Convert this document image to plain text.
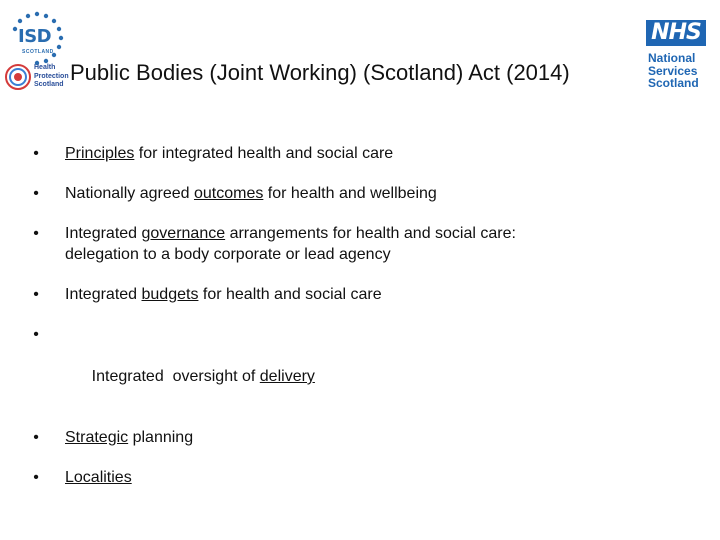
ISD
SCOTLAND
Health
Protection
Scotland
NHS
National
Services
Scotland
Public Bodies (Joint Working) (Scotland) Act (2014)
• Principles for integrated health and social care
• Nationally agreed outcomes for health and wellbeing
• Integrated governance arrangements for health and social care:
delegation to a body corporate or lead agency
• Integrated budgets for health and social care

•

Integrated  oversight of delivery

• Strategic planning
• Localities
